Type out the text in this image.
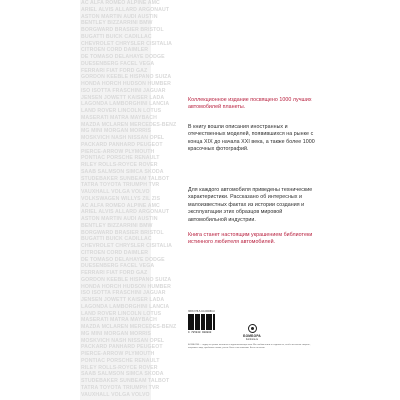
AC ALFA ROMEO ALPINE AMC
ARIEL ALVIS ALLARD ARGONAUT
ASTON MARTIN AUDI AUSTIN
BENTLEY BIZZARRINI BMW
BORGWARD BRASIER BRISTOL
BUGATTI BUICK CADILLAC
CHEVROLET CHRYSLER CISITALIA
CITROEN CORD DAIMLER
DE TOMASO DELAHAYE DODGE
DUESENBERG FACEL VEGA
FERRARI FIAT FORD GAZ
GORDON KEEBLE HISPANO SUIZA
HONDA HORCH HUDSON HUMBER
ISO ISOTTA FRASCHINI JAGUAR
JENSEN JOWETT KAISER LADA
LAGONDA LAMBORGHINI LANCIA
LAND ROVER LINCOLN LOTUS
MASERATI MATRA MAYBACH
MAZDA MCLAREN MERCEDES-BENZ
MG MINI MORGAN MORRIS
MOSKVICH NASH NISSAN OPEL
PACKARD PANHARD PEUGEOT
PIERCE-ARROW PLYMOUTH
PONTIAC PORSCHE RENAULT
RILEY ROLLS-ROYCE ROVER
SAAB SALMSON SIMCA SKODA
STUDEBAKER SUNBEAM TALBOT
TATRA TOYOTA TRIUMPH TVR
VAUXHALL VOLGA VOLVO
VOLKSWAGEN WILLYS ZIL ZIS
AC ALFA ROMEO ALPINE AMC
ARIEL ALVIS ALLARD ARGONAUT
ASTON MARTIN AUDI AUSTIN
BENTLEY BIZZARRINI BMW
BORGWARD BRASIER BRISTOL
BUGATTI BUICK CADILLAC
CHEVROLET CHRYSLER CISITALIA
CITROEN CORD DAIMLER
DE TOMASO DELAHAYE DODGE
DUESENBERG FACEL VEGA
FERRARI FIAT FORD GAZ
GORDON KEEBLE HISPANO SUIZA
HONDA HORCH HUDSON HUMBER
ISO ISOTTA FRASCHINI JAGUAR
JENSEN JOWETT KAISER LADA
LAGONDA LAMBORGHINI LANCIA
LAND ROVER LINCOLN LOTUS
MASERATI MATRA MAYBACH
MAZDA MCLAREN MERCEDES-BENZ
MG MINI MORGAN MORRIS
MOSKVICH NASH NISSAN OPEL
PACKARD PANHARD PEUGEOT
PIERCE-ARROW PLYMOUTH
PONTIAC PORSCHE RENAULT
RILEY ROLLS-ROYCE ROVER
SAAB SALMSON SIMCA SKODA
STUDEBAKER SUNBEAM TALBOT
TATRA TOYOTA TRIUMPH TVR
VAUXHALL VOLGA VOLVO

Коллекционное издание посвящено 1000 лучших автомобилей планеты.

В книгу вошли описания иностранных и отечественных моделей, появившихся на рынке с конца XIX до начала XXI века, а также более 1000 красочных фотографий.

Для каждого автомобиля приведены технические характеристики. Рассказано об интересных и малоизвестных фактах из истории создания и эксплуатации этих образцов мировой автомобильной индустрии.

Книга станет настоящим украшением библиотеки истинного любителя автомобилей.

ISBN 978-5-04-090080-0
9 785040 900800
БОМБОРА
bombora.ru
БОМБОРА — лидер на рынке полезных и вдохновляющих книг. Мы любим книги и создаем их, чтобы вы могли творить, открывать мир, пробовать новое, расти. Быть счастливыми. Быть на волне.
